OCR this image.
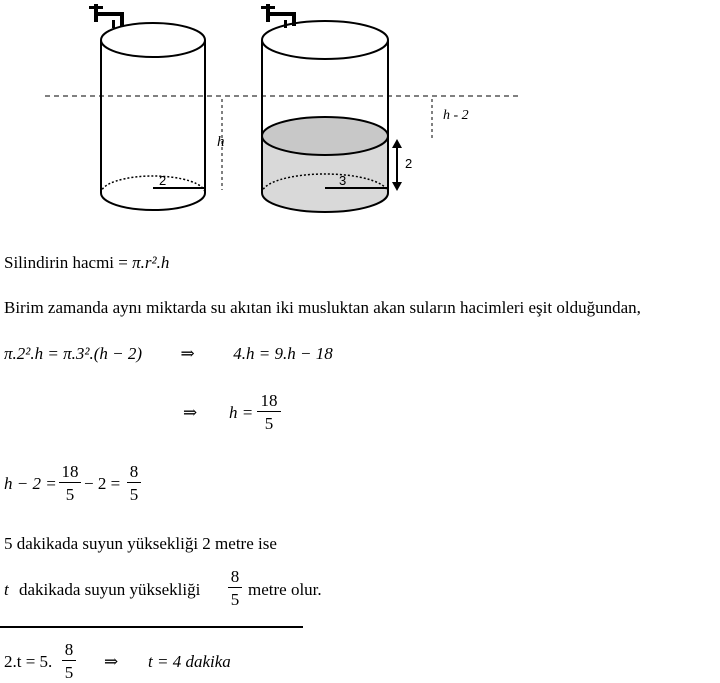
h
2	3
2
h - 2
Silindirin hacmi = π.r².h
Birim zamanda aynı miktarda su akıtan iki musluktan akan suların hacimleri eşit olduğundan,
π.2².h = π.3².(h − 2) ⇒ 4.h = 9.h − 18
⇒ h =
18
5
h − 2 =
18
5
− 2 =
8
5
5 dakikada suyun yüksekliği 2 metre ise
t dakikada suyun yüksekliği
8
5
metre olur.
2.t = 5.
8
5
⇒ t = 4 dakika
